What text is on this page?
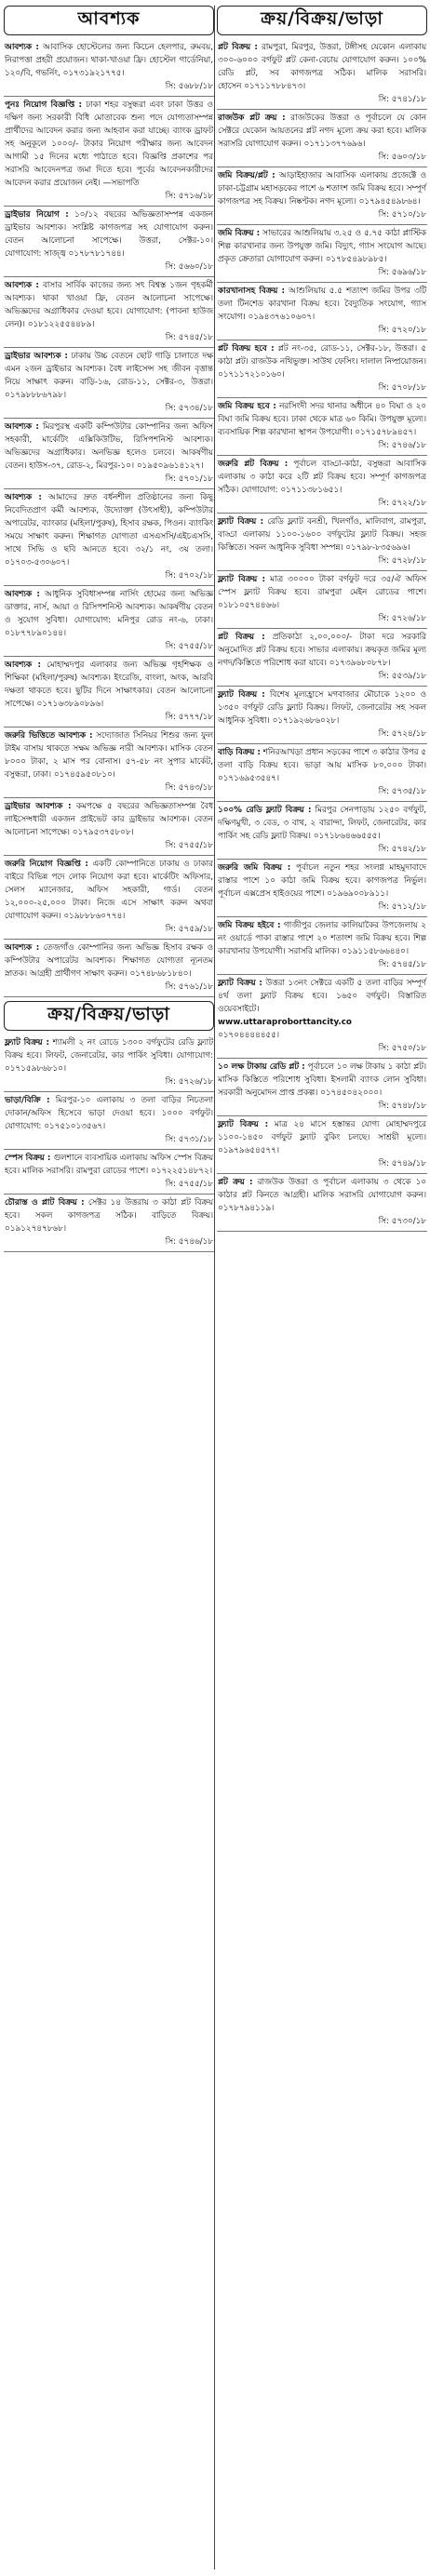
আবশ্যক
আবশ্যক : আবাসিক হোস্টেলের জন্য কিচেন হেলপার, রুমবয়, নিরাপত্তা প্রহরী প্রয়োজন। থাকা-খাওয়া ফ্রি। হোস্টেল গার্ডেনিয়া, ১২০/বি, গভর্নিং, ০১৭৩১৯২১৭৭৫।
সি: ৫৬৮৮/১৮
পুনঃ নিয়োগ বিজ্ঞপ্তি : ঢাকা শহর বসুন্ধরা এবং ঢাকা উত্তর ও দক্ষিণ জন্য সরকারী বিধি মোতাবেক শুন্য পদে যোগ্যতাসম্পন্ন প্রার্থীদের আবেদন করার জন্য আহবান করা যাচ্ছে। ব্যাংক ড্রাফট সহ অনুকূলে ১০০০/- টাকার নিয়োগ পরীক্ষার জন্য আবেদন আগামী ১৫ দিনের মধ্যে পাঠাতে হবে। বিজ্ঞপ্তি প্রকাশের পর সরাসরি আবেদনপত্র জমা দিতে হবে। পূর্বের আবেদনকারীদের আবেদন করার প্রয়োজন নেই। —সভাপতি
সি: ৫৭১৬/১৮
ড্রাইভার নিয়োগ : ১০/১২ বছরের অভিজ্ঞতাসম্পন্ন একজন ড্রাইভার আবশ্যক। সংশ্লিষ্ট কাগজপত্র সহ যোগাযোগ করুন। বেতন আলোচনা সাপেক্ষে। উত্তরা, সেক্টর-১০। যোগাযোগ: সাজ্জ্ব ০১৭৮৭৮১৭৪৪।
সি: ৫৬৬০/১৮
আবশ্যক : বাসার সার্বিক কাজের জন্য সৎ বিশ্বস্ত ১জন গৃহকর্মী আবশ্যক। থাকা খাওয়া ফ্রি, বেতন আলোচনা সাপেক্ষে। অভিজ্ঞদের অগ্রাধিকার দেওয়া হবে। যোগাযোগ: (পাবনা হাউজ লেন)। ০১৮১২২৫৫৪৪৮৯।
সি: ৫৭৪৫/১৮
ড্রাইভার আবশ্যক : ঢাকায় উচ্চ বেতনে ছোট গাড়ি চালাতে দক্ষ এমন ২জন ড্রাইভার আবশ্যক। বৈধ লাইসেন্স সহ জীবন বৃত্তান্ত নিয়ে সাক্ষাৎ করুন। বাড়ি-১৬, রোড-১১, সেক্টর-৩, উত্তরা। ০১৭৯৮৮৮৬৭৯৮।
সি: ৫৭৩৪/১৮
আবশ্যক : মিরপুরস্থ একটি কম্পিউটার কোম্পানির জন্য অফিস সহকারী, মার্কেটিং এক্সিকিউটিভ, রিসিপশনিস্ট আবশ্যক। অভিজ্ঞদের অগ্রাধিকার। অনভিজ্ঞ হলেও চলবে। আকর্ষণীয় বেতন। হাউস-৩৭, রোড-২, মিরপুর-১০। ০১৯৫০৯৬১৪১২৭।
সি: ৫৭০১/১৮
আবশ্যক : আমাদের দ্রুত বর্ধনশীল প্রতিষ্ঠানের জন্য কিছু নিবেদিতপ্রাণ কর্মী আবশ্যক, উদ্যোক্তা (উৎসাহী), কম্পিউটার অপারেটর, ব্যাংকার (মহিলা/পুরুষ), হিসাব রক্ষক, পিওন। ব্যাংকিং সময়ে সাক্ষাৎ করুন। শিক্ষাগত যোগ্যতা এসএসসি/এইচএসসি, সাথে সিভি ও ছবি আনতে হবে। ৩২/১ নং, ৩য় তলা। ০১৭০৩-৫৩০৬০৭।
সি: ৫৭০২/১৮
আবশ্যক : আধুনিক সুবিধাসম্পন্ন নার্সিং হোমের জন্য অভিজ্ঞ ডাক্তার, নার্স, আয়া ও রিসিপশনিস্ট আবশ্যক। আকর্ষণীয় বেতন ও সুযোগ সুবিধা। যোগাযোগ: মনিপুর রোড নং-৬, ঢাকা। ০১৮৭৭৮৯০১৪৪।
সি: ৫৭৫৫/১৮
আবশ্যক : মোহাম্মদপুর এলাকার জন্য অভিজ্ঞ গৃহশিক্ষক ও শিক্ষিকা (মহিলা/পুরুষ) আবশ্যক। ইংরেজি, বাংলা, অংক, আরবি দক্ষতা থাকতে হবে। ছুটির দিনে সাক্ষাৎকার। বেতন আলোচনা সাপেক্ষে। ০১৭১৬৩৮৯০৮৯৬।
সি: ৫৭৭৭/১৮
জরুরি ভিত্তিতে আবশ্যক : সদ্যোজাত সিনিয়র শিশুর জন্য ফুল টাইম বাসায় থাকতে সক্ষম অভিজ্ঞ নারী আবশ্যক। মাসিক বেতন ৮০০০ টাকা, ২ মাস পর বোনাস। ৫৭-৫৮ নং সুপার মার্কেট, বসুন্ধরা, ঢাকা। ০১৭৪৫৯৫০৮১০।
সি: ৫৭৪৩/১৮
ড্রাইভার আবশ্যক : কমপক্ষে ৫ বছরের অভিজ্ঞতাসম্পন্ন বৈধ লাইসেন্সধারী একজন প্রাইভেট কার ড্রাইভার আবশ্যক। বেতন আলোচনা সাপেক্ষে। ০১৭৯৫৩৭৫৮০৮।
সি: ৫৭৫৫/১৮
জরুরি নিয়োগ বিজ্ঞপ্তি : একটি কোম্পানিতে ঢাকায় ও ঢাকার বাইরে বিভিন্ন পদে লোক নিয়োগ করা হবে। মার্কেটিং অফিসার, সেলস ম্যানেজার, অফিস সহকারী, গার্ড। বেতন ১২,০০০-২৫,০০০ টাকা। নিজে এসে সাক্ষাৎ করুন অথবা যোগাযোগ করুন। ০১৯৮৮৮৬০৭৭৪।
সি: ৫৭৫৯/১৮
আবশ্যক : তেজগাঁও কোম্পানির জন্য অভিজ্ঞ হিসাব রক্ষক ও কম্পিউটার অপারেটর আবশ্যক। শিক্ষাগত যোগ্যতা ন্যূনতম স্নাতক। আগ্রহী প্রার্থীগণ সাক্ষাৎ করুন। ০১৭৪৮৬৮১৮৪০।
সি: ৫৭৬১/১৮
ক্রয়/বিক্রয়/ভাড়া
ফ্ল্যাট বিক্রয় : শ্যামলী ২ নং রোডে ১৩০০ বর্গফুটের রেডি ফ্ল্যাট বিক্রয় হবে। লিফট, জেনারেটর, কার পার্কিং সুবিধা। যোগাযোগ: ০১৭১৫৯৮৬৮১০।
সি: ৫৭২৬/১৮
ভাড়া/বিক্রি : মিরপুর-১০ এলাকায় ৩ তলা বাড়ির নিচতলা দোকান/অফিস হিসেবে ভাড়া দেওয়া হবে। ১০০০ বর্গফুট। যোগাযোগ: ০১৭৫১০১৩৫৬৭।
সি: ৫৭৩১/১৮
স্পেস বিক্রয় : গুলশানে ব্যবসায়িক এলাকায় অফিস স্পেস বিক্রয় হবে। মালিক সরাসরি। রামপুরা রোডের পাশে। ০১৭২২৫১৪৮৭২।
সি: ৫৭৫৫/১৮
চৌরাস্ত ও প্লাট বিক্রয় : সেক্টর ১৪ উত্তরায় ৩ কাঠা প্লট বিক্রয় হবে। সকল কাগজপত্র সঠিক। বাড়িতে বিক্রয়। ০১৯১২৭৪৭৮৬৮।
সি: ৫৭৪৬/১৮
ক্রয়/বিক্রয়/ভাড়া
প্লট বিক্রয় : রামপুরা, মিরপুর, উত্তরা, টঙ্গীসহ যেকোন এলাকায় ৩০০-৬০০০ বর্গফুট প্লট কেনা-বেচায় যোগাযোগ করুন। ১০০% রেডি প্লট, সব কাগজপত্র সঠিক। মালিক সরাসরি। হোসেন ০১৭১১৭৮৮৪৭৩।
সি: ৫৭৪১/১৮
রাজউক প্লট ক্রয় : রাজউকের উত্তরা ও পূর্বাচলে যে কোন সেক্টরে যেকোন আয়তনের প্লট নগদ মূল্যে ক্রয় করা হবে। মালিক সরাসরি যোগাযোগ করুন। ০১৭১১৩৭৭৬৯৬।
সি: ৫৬০৩/১৮
জমি বিক্রয়/প্লট : আড়াইহাজার আবাসিক এলাকায় প্রজেক্টে ও ঢাকা-চট্টগ্রাম মহাসড়কের পাশে ৬ শতাংশ জমি বিক্রয় হবে। সম্পূর্ণ কাগজপত্র সহ বিক্রয়। নিষ্কণ্টক। নগদ মূল্যে। ০১৭৯৪৫৪৯৮৬৪।
সি: ৫৭১০/১৮
জমি বিক্রয় : সাভারের আশুলিয়ায় ৩.২৫ ও ৫.৭৫ কাঠা প্লাস্টিক শিল্প কারখানার জন্য উপযুক্ত জমি। বিদ্যুৎ, গ্যাস সংযোগ আছে। প্রকৃত ক্রেতারা যোগাযোগ করুন। ০১৭৮৫৪৯৮৯৮৫।
সি: ৫৬৯৬/১৮
কারখানাসহ বিক্রয় : আশুলিয়ায় ৫.৫ শতাংশ জমির উপর ৩টি তলা টিনশেড কারখানা বিক্রয় হবে। বৈদ্যুতিক সংযোগ, গ্যাস সংযোগ। ০১৯৪৩৭৬১০৬০৭।
সি: ৫৭২০/১৮
প্লট বিক্রয় হবে : প্লট নং-৩৫, রোড-১১, সেক্টর-১৮, উত্তরা। ৫ কাঠা প্লট। রাজউক নথিভুক্ত। সাউথ ফেসিং। দালাল নিষ্প্রয়োজন। ০১৭১১৭২১০১৬০।
সি: ৫৭০৮/১৮
জমি বিক্রয় হবে : নরসিংদী সদর থানার অধীনে ৪০ বিঘা ও ২০ বিঘা জমি বিক্রয় হবে। ঢাকা থেকে মাত্র ৬০ কিমি। উপযুক্ত মূল্যে। ব্যবসায়িক শিল্প কারখানা স্থাপন উপযোগী। ০১৭১৫৭৮৯৪৫৭।
সি: ৫৭৪৬/১৮
জরুরি প্লট বিক্রয় : পূর্বাচল বাড্ডা-কাঠা, বসুন্ধরা আবাসিক এলাকায় ৩ কাঠা করে ২টি প্লট বিক্রয় হবে। সম্পূর্ণ কাগজপত্র সঠিক। যোগাযোগ: ০১৭১১৩৮১৬৫১।
সি: ৫৭২২/১৮
ফ্ল্যাট বিক্রয় : রেডি ফ্ল্যাট বনশ্রী, খিলগাঁও, মালিবাগ, রামপুরা, বাড্ডা এলাকায় ১১০০-১৬০০ বর্গফুটের ফ্ল্যাট বিক্রয়। সহজ কিস্তিতে। সকল আধুনিক সুবিধা সম্পন্ন। ০১৭৯৮-৮৩৫৬৯৬।
সি: ৫৭২৮/১৮
ফ্ল্যাট বিক্রয় : মাত্র ৩০০০০ টাকা বর্গফুট দরে ৩৫/ঐ অফিস স্পেস ফ্ল্যাট বিক্রয় হবে। রামপুরা মেইন রোডের পাশে। ০১৮১০৫৭৪৪৬৬।
সি: ৫৭২৬/১৮
প্লট বিক্রয় : প্রতিকাঠা ২,০০,০০০/- টাকা দরে সরকারি অনুমোদিত প্লট বিক্রয় হবে। সাভার এলাকায়। ক্রয়কৃত জমির মূল্য নগদ/কিস্তিতে পরিশোধ করা যাবে। ০১৭৩৯৬৮০৮৭৮।
সি: ৫৫৩৯/১৮
ফ্ল্যাট বিক্রয় : বিশেষ মূল্যহ্রাসে মগবাজার মৌচাকে ১২০০ ও ১৩৫০ বর্গফুট রেডি ফ্ল্যাট বিক্রয়। লিফট, জেনারেটর সহ সকল আধুনিক সুবিধা। ০১৭১৯২৬৮৬০২৮।
সি: ৫৭২৪/১৮
বাড়ি বিক্রয় : শনিরআখড়া প্রধান সড়কের পাশে ৩ কাঠার উপর ৫ তলা বাড়ি বিক্রয় হবে। ভাড়া আয় মাসিক ৮০,০০০ টাকা। ০১৭১৬৯৫৩৫৪৭।
সি: ৫৭৩৫/১৮
১০০% রেডি ফ্ল্যাট বিক্রয় : মিরপুর সেনপাড়ায় ১২৫০ বর্গফুট, দক্ষিণমুখী, ৩ বেড, ৩ বাথ, ২ বারান্দা, লিফট, জেনারেটর, কার পার্কিং সহ রেডি ফ্ল্যাট বিক্রয়। ০১৭১৮৬৪৬৬৫৫৫।
সি: ৫৭৪২/১৮
জরুরি জমি বিক্রয় : পূর্বাচল নতুন শহর সংলগ্ন মাহমুদাবাদে রাস্তার পাশে ১০ কাঠা জমি বিক্রয় হবে। কাগজপত্র নির্ভুল। পূর্বাচল এক্সপ্রেস হাইওয়ের পাশে। ০১৯৬৯০০৮৯১১।
সি: ৫৭১২/১৮
জমি বিক্রয় হইবে : গাজীপুর জেলার কালিয়াকৈর উপজেলায় ২ নং ওয়ার্ডে পাকা রাস্তার পাশে ২০ শতাংশ জমি বিক্রয় হবে। শিল্প কারখানার উপযোগী। সরাসরি মালিক। ০১৯১১৫৮৬৬৪৪০।
সি: ৫৭৪৫/১৮
ফ্ল্যাট বিক্রয় : উত্তরা ১৩নং সেক্টরে একটি ৫ তলা বাড়ির সম্পূর্ণ ৪র্থ তলা ফ্ল্যাট বিক্রয় হবে। ১৬৫০ বর্গফুট। বিস্তারিত ওয়েবসাইটে।
www.uttaraproborttancity.co
০১৭০৪৪৪৪৪৫৫।
সি: ৫৭৫০/১৮
১০ লক্ষ টাকায় রেডি প্লট : পূর্বাচলে ১০ লক্ষ টাকায় ১ কাঠা প্লট। মাসিক কিস্তিতে পরিশোধ সুবিধা। ইসলামী ব্যাংক লোন সুবিধা। সরকারী অনুমোদন প্রাপ্ত প্রকল্প। ০১৭৪৫০৪২০০০।
সি: ৫৭৪৮/১৮
ফ্ল্যাট বিক্রয় : মাত্র ২৪ মাসে হস্তান্তর যোগ্য মোহাম্মদপুরে ১১০০-১৪৫০ বর্গফুট ফ্ল্যাট বুকিং চলছে। সাশ্রয়ী মূল্যে। ০১৯৭৯৬৫৪৫৭৭।
সি: ৫৭৪৯/১৮
প্লট ক্রয় : রাজউক উত্তরা ও পূর্বাচল এলাকায় ৩ থেকে ১০ কাঠার প্লট কিনতে আগ্রহী। মালিক সরাসরি যোগাযোগ করুন। ০১৭৮৭৯৪১১৯।
সি: ৫৭৩০/১৮
